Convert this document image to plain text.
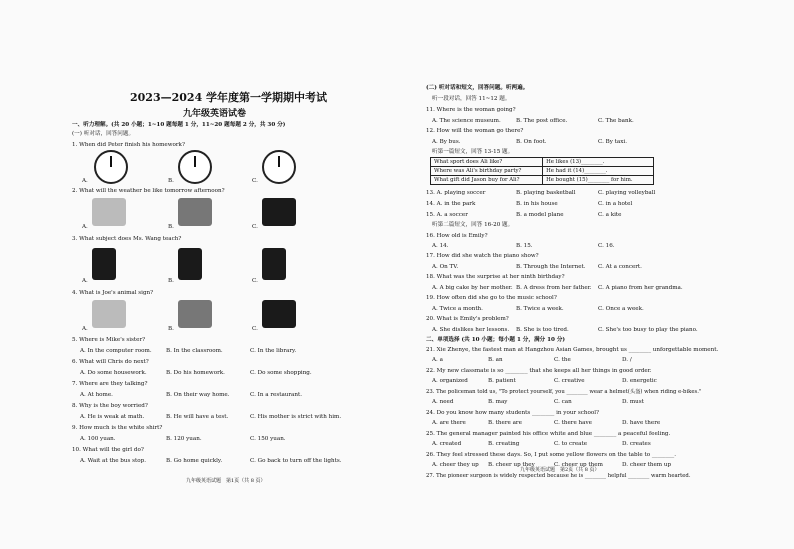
2023—2024 学年度第一学期期中考试
九年级英语试卷
一、听力理解。(共 20 小题；1~10 题每题 1 分，11~20 题每题 2 分，共 30 分)
(一) 听对话，回答问题。
1. When did Peter finish his homework?
A.	B.	C.
2. What will the weather be like tomorrow afternoon?
A.	B.	C.
3. What subject does Ms. Wang teach?
A.	B.	C.
4. What is Joe's animal sign?
A.	B.	C.
5. Where is Mike's sister?
A. In the computer room.	B. In the classroom.	C. In the library.
6. What will Chris do next?
A. Do some housework.	B. Do his homework.	C. Do some shopping.
7. Where are they talking?
A. At home.	B. On their way home.	C. In a restaurant.
8. Why is the boy worried?
A. He is weak at math.	B. He will have a test.	C. His mother is strict with him.
9. How much is the white shirt?
A. 100 yuan.	B. 120 yuan.	C. 150 yuan.
10. What will the girl do?
A. Wait at the bus stop.	B. Go home quickly.	C. Go back to turn off the lights.
九年级英语试题　第1页（共 8 页）
(二) 听对话和短文，回答问题。听两遍。
听一段对话，回答 11~12 题。
11. Where is the woman going?
A. The science museum.	B. The post office.	C. The bank.
12. How will the woman go there?
A. By bus.	B. On foot.	C. By taxi.
听第一篇短文，回答 13-15 题。
What sport does Ali like?	He likes (13)________.
Where was Ali's birthday party?	He had it (14)________.
What gift did Jason buy for Ali?	He bought (15)________ for him.
13. A. playing soccer	B. playing basketball	C. playing volleyball
14. A. in the park	B. in his house	C. in a hotel
15. A. a soccer	B. a model plane	C. a kite
听第二篇短文，回答 16-20 题。
16. How old is Emily?
A. 14.	B. 15.	C. 16.
17. How did she watch the piano show?
A. On TV.	B. Through the Internet. C. At a concert.
18. What was the surprise at her ninth birthday?
A. A big cake by her mother. B. A dress from her father. C. A piano from her grandma.
19. How often did she go to the music school?
A. Twice a month.	B. Twice a week.	C. Once a week.
20. What is Emily's problem?
A. She dislikes her lessons. B. She is too tired.	C. She's too busy to play the piano.
二、单项选择 (共 10 小题；每小题 1 分，满分 10 分)
21. Xie Zhenye, the fastest man at Hangzhou Asian Games, brought us ________ unforgettable moment.
A. a	B. an	C. the	D. /
22. My new classmate is so ________ that she keeps all her things in good order.
A. organized	B. patient	C. creative	D. energetic
23. The policeman told us, "To protect yourself, you ________ wear a helmet(头盔) when riding e-bikes."
A. need	B. may	C. can	D. must
24. Do you know how many students ________ in your school?
A. are there	B. there are	C. there have	D. have there
25. The general manager painted his office white and blue ________ a peaceful feeling.
A. created	B. creating	C. to create	D. creates
26. They feel stressed these days. So, I put some yellow flowers on the table to ________.
A. cheer they up B. cheer up they	C. cheer up them	D. cheer them up
27. The pioneer surgeon is widely respected because he is ________ helpful ________ warm hearted.
九年级英语试题　第2页（共 8 页）
